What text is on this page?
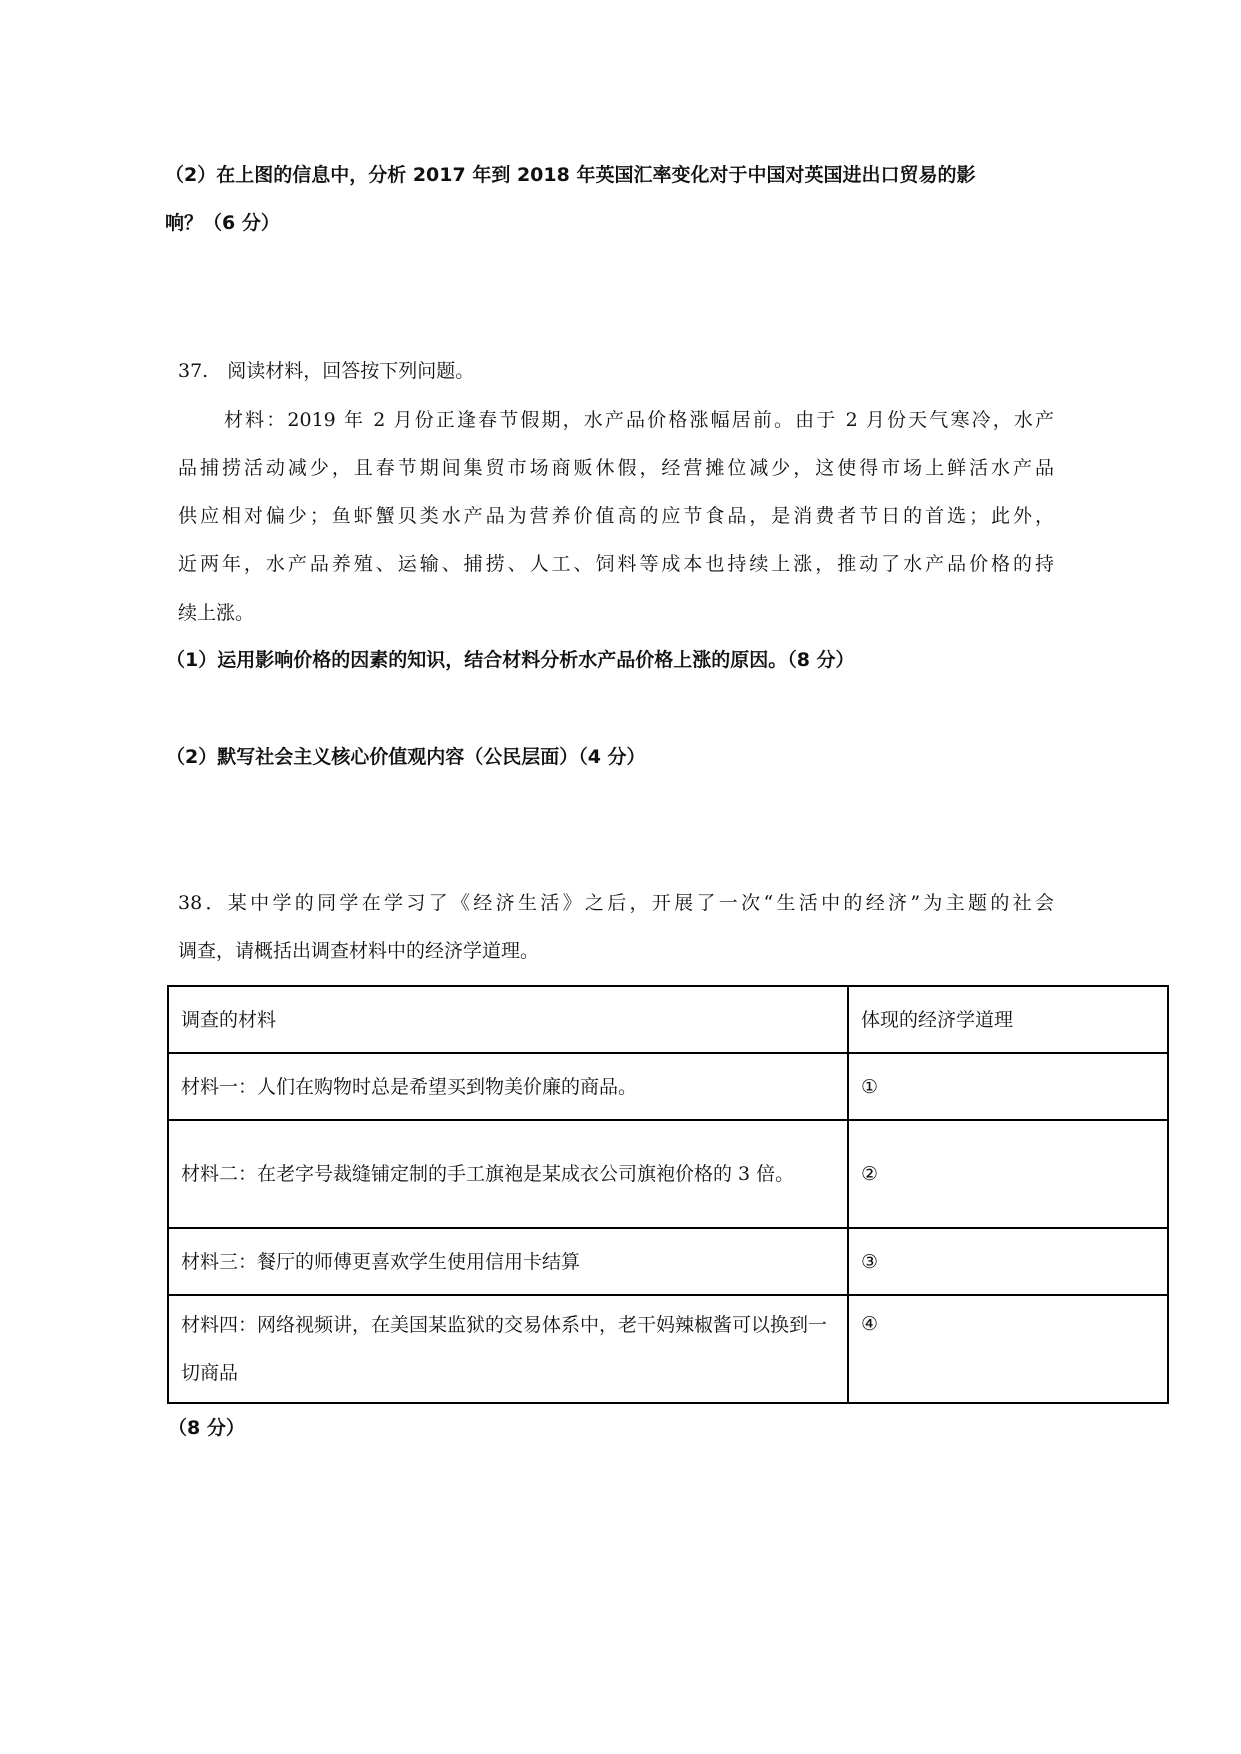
（2）在上图的信息中，分析 2017 年到 2018 年英国汇率变化对于中国对英国进出口贸易的影
响？（6 分）
37.　阅读材料，回答按下列问题。
材料：2019 年 2 月份正逢春节假期，水产品价格涨幅居前。由于 2 月份天气寒冷，水产
品捕捞活动减少，且春节期间集贸市场商贩休假，经营摊位减少，这使得市场上鲜活水产品
供应相对偏少；鱼虾蟹贝类水产品为营养价值高的应节食品，是消费者节日的首选；此外，
近两年，水产品养殖、运输、捕捞、人工、饲料等成本也持续上涨，推动了水产品价格的持
续上涨。
（1）运用影响价格的因素的知识，结合材料分析水产品价格上涨的原因。（8 分）
（2）默写社会主义核心价值观内容（公民层面）（4 分）
38．某中学的同学在学习了《经济生活》之后，开展了一次“生活中的经济”为主题的社会
调查，请概括出调查材料中的经济学道理。
调查的材料	体现的经济学道理
材料一：人们在购物时总是希望买到物美价廉的商品。	①
材料二：在老字号裁缝铺定制的手工旗袍是某成衣公司旗袍价格的 3 倍。	②
材料三：餐厅的师傅更喜欢学生使用信用卡结算	③
材料四：网络视频讲，在美国某监狱的交易体系中，老干妈辣椒酱可以换到一切商品	④
（8 分）
